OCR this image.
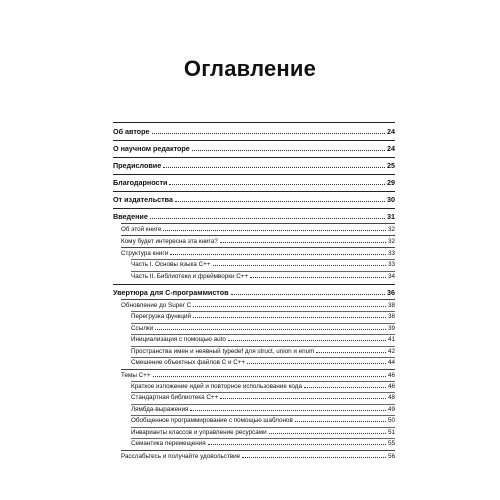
Оглавление
Об авторе	24
О научном редакторе	24
Предисловие	25
Благодарности	29
От издательства	30
Введение	31
Об этой книге	32
Кому будет интересна эта книга?	32
Структура книги	33
Часть I. Основы языка C++	33
Часть II. Библиотеки и фреймворки C++	34
Увертюра для С-программистов	36
Обновление до Super C	38
Перегрузка функций	38
Ссылки	39
Инициализация с помощью auto	41
Пространства имен и неявный typedef для struct, union и enum	42
Смешение объектных файлов C и C++	44
Темы C++	46
Краткое изложение идей и повторное использование кода	46
Стандартная библиотека C++	48
Лямбда-выражения	49
Обобщенное программирование с помощью шаблонов	50
Инварианты классов и управление ресурсами	51
Семантика перемещения	55
Расслабьтесь и получайте удовольствие	56
